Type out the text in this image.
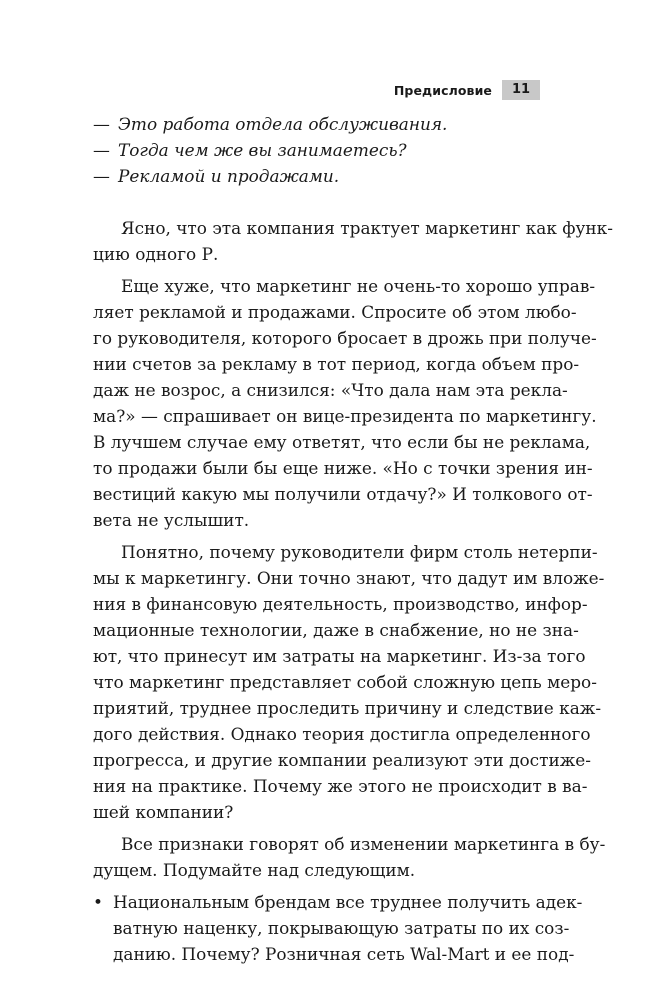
Предисловие	11
— Это работа отдела обслуживания.
— Тогда чем же вы занимаетесь?
— Рекламой и продажами.

Ясно, что эта компания трактует маркетинг как функ-
цию одного Р.

Еще хуже, что маркетинг не очень-то хорошо управ-
ляет рекламой и продажами. Спросите об этом любо-
го руководителя, которого бросает в дрожь при получе-
нии счетов за рекламу в тот период, когда объем про-
даж не возрос, а снизился: «Что дала нам эта рекла-
ма?» — спрашивает он вице-президента по маркетингу.
В лучшем случае ему ответят, что если бы не реклама,
то продажи были бы еще ниже. «Но с точки зрения ин-
вестиций какую мы получили отдачу?» И толкового от-
вета не услышит.

Понятно, почему руководители фирм столь нетерпи-
мы к маркетингу. Они точно знают, что дадут им вложе-
ния в финансовую деятельность, производство, инфор-
мационные технологии, даже в снабжение, но не зна-
ют, что принесут им затраты на маркетинг. Из-за того
что маркетинг представляет собой сложную цепь меро-
приятий, труднее проследить причину и следствие каж-
дого действия. Однако теория достигла определенного
прогресса, и другие компании реализуют эти достиже-
ния на практике. Почему же этого не происходит в ва-
шей компании?

Все признаки говорят об изменении маркетинга в бу-
дущем. Подумайте над следующим.

• Национальным брендам все труднее получить адек-
ватную наценку, покрывающую затраты по их соз-
данию. Почему? Розничная сеть Wal-Mart и ее под-
